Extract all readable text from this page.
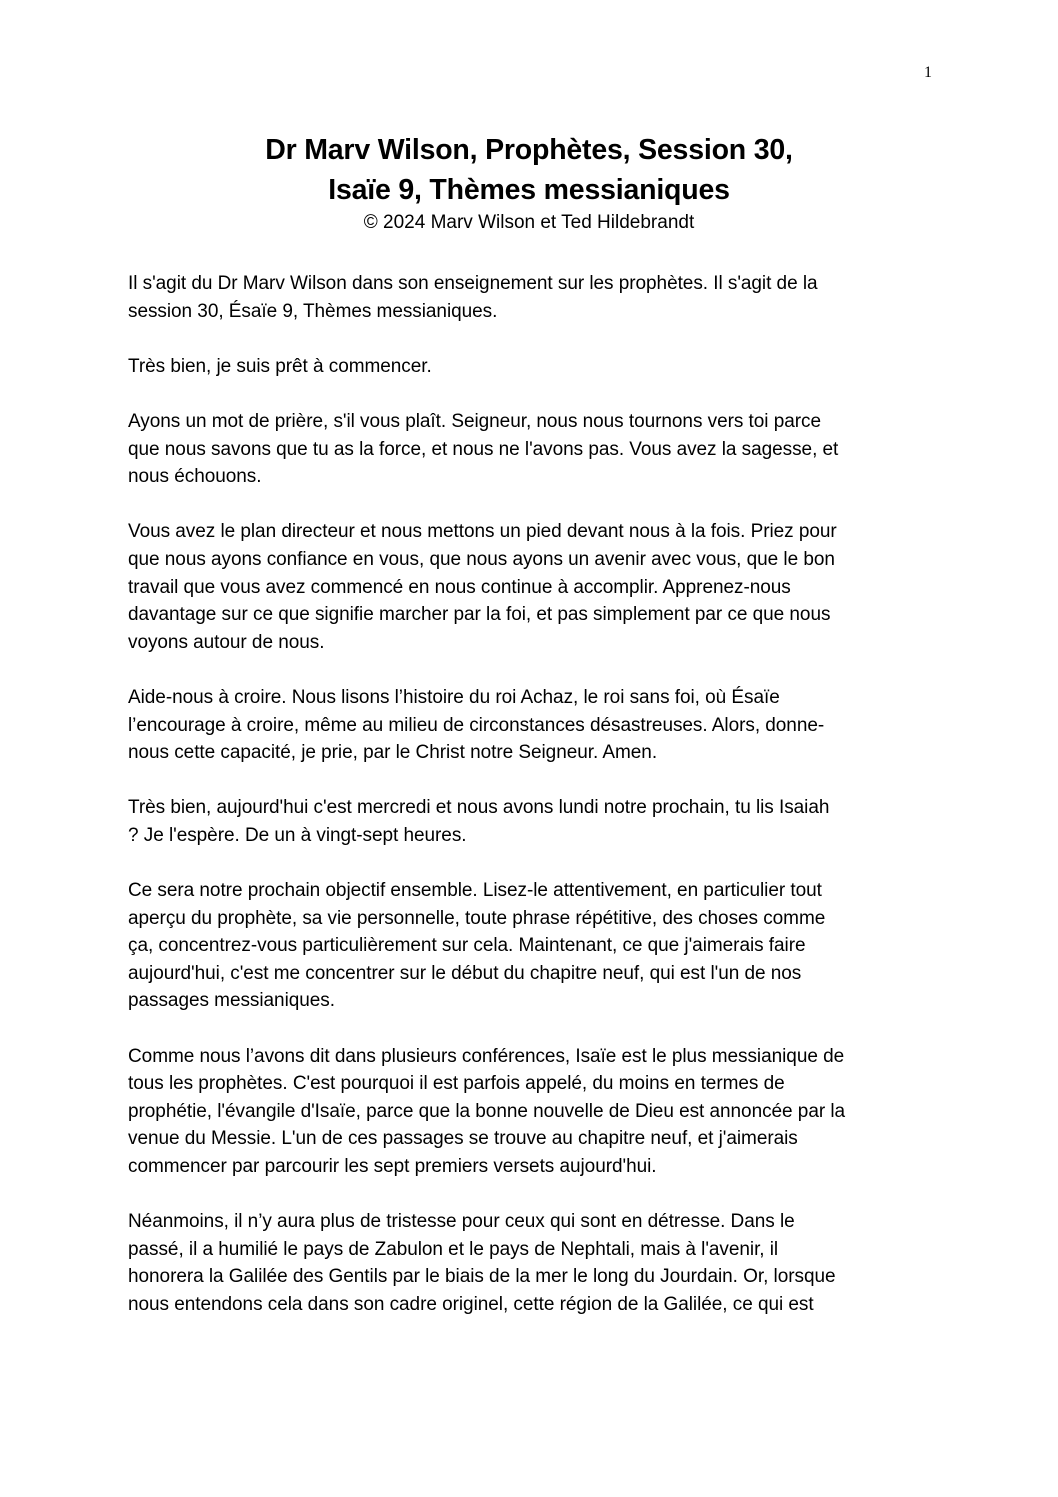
1
Dr Marv Wilson, Prophètes, Session 30,
Isaïe 9, Thèmes messianiques
© 2024 Marv Wilson et Ted Hildebrandt
Il s'agit du Dr Marv Wilson dans son enseignement sur les prophètes. Il s'agit de la
session 30, Ésaïe 9, Thèmes messianiques.
Très bien, je suis prêt à commencer.
Ayons un mot de prière, s'il vous plaît. Seigneur, nous nous tournons vers toi parce
que nous savons que tu as la force, et nous ne l'avons pas. Vous avez la sagesse, et
nous échouons.
Vous avez le plan directeur et nous mettons un pied devant nous à la fois. Priez pour
que nous ayons confiance en vous, que nous ayons un avenir avec vous, que le bon
travail que vous avez commencé en nous continue à accomplir. Apprenez-nous
davantage sur ce que signifie marcher par la foi, et pas simplement par ce que nous
voyons autour de nous.
Aide-nous à croire. Nous lisons l’histoire du roi Achaz, le roi sans foi, où Ésaïe
l’encourage à croire, même au milieu de circonstances désastreuses. Alors, donne-
nous cette capacité, je prie, par le Christ notre Seigneur. Amen.
Très bien, aujourd'hui c'est mercredi et nous avons lundi notre prochain, tu lis Isaiah
? Je l'espère. De un à vingt-sept heures.
Ce sera notre prochain objectif ensemble. Lisez-le attentivement, en particulier tout
aperçu du prophète, sa vie personnelle, toute phrase répétitive, des choses comme
ça, concentrez-vous particulièrement sur cela. Maintenant, ce que j'aimerais faire
aujourd'hui, c'est me concentrer sur le début du chapitre neuf, qui est l'un de nos
passages messianiques.
Comme nous l’avons dit dans plusieurs conférences, Isaïe est le plus messianique de
tous les prophètes. C'est pourquoi il est parfois appelé, du moins en termes de
prophétie, l'évangile d'Isaïe, parce que la bonne nouvelle de Dieu est annoncée par la
venue du Messie. L'un de ces passages se trouve au chapitre neuf, et j'aimerais
commencer par parcourir les sept premiers versets aujourd'hui.
Néanmoins, il n’y aura plus de tristesse pour ceux qui sont en détresse. Dans le
passé, il a humilié le pays de Zabulon et le pays de Nephtali, mais à l'avenir, il
honorera la Galilée des Gentils par le biais de la mer le long du Jourdain. Or, lorsque
nous entendons cela dans son cadre originel, cette région de la Galilée, ce qui est
